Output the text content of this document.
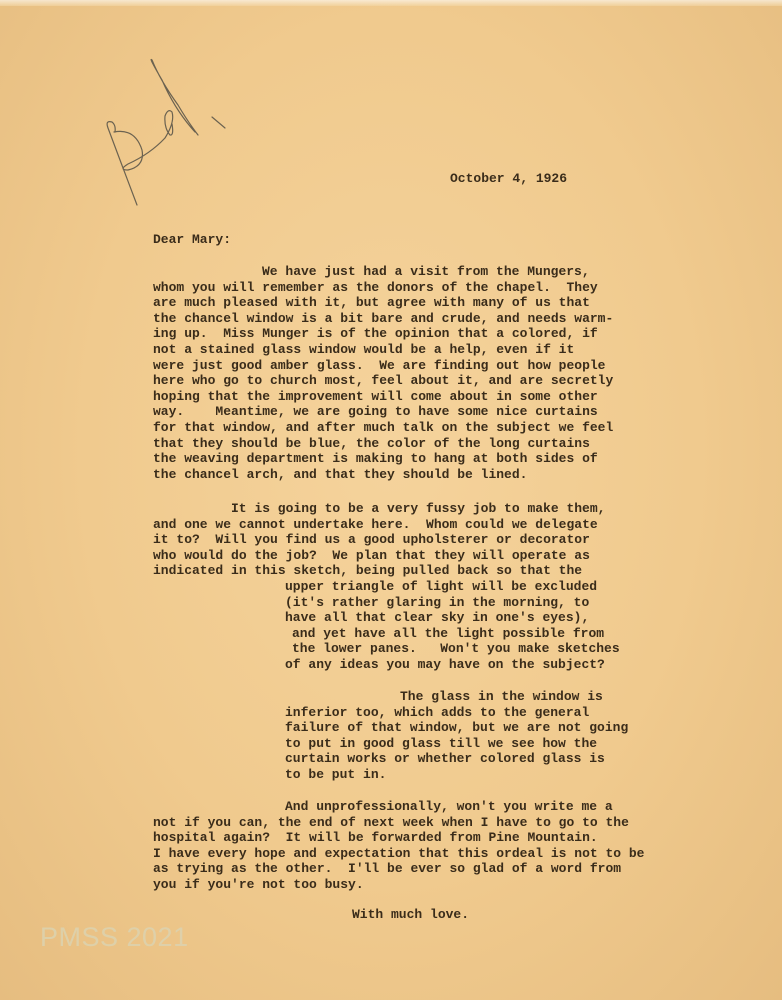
October 4, 1926
Dear Mary:
We have just had a visit from the Mungers,
whom you will remember as the donors of the chapel.  They
are much pleased with it, but agree with many of us that
the chancel window is a bit bare and crude, and needs warm-
ing up.  Miss Munger is of the opinion that a colored, if
not a stained glass window would be a help, even if it
were just good amber glass.  We are finding out how people
here who go to church most, feel about it, and are secretly
hoping that the improvement will come about in some other
way.    Meantime, we are going to have some nice curtains
for that window, and after much talk on the subject we feel
that they should be blue, the color of the long curtains
the weaving department is making to hang at both sides of
the chancel arch, and that they should be lined.
It is going to be a very fussy job to make them,
and one we cannot undertake here.  Whom could we delegate
it to?  Will you find us a good upholsterer or decorator
who would do the job?  We plan that they will operate as
indicated in this sketch, being pulled back so that the
upper triangle of light will be excluded
(it's rather glaring in the morning, to
have all that clear sky in one's eyes),
and yet have all the light possible from
the lower panes.   Won't you make sketches
of any ideas you may have on the subject?
The glass in the window is
inferior too, which adds to the general
failure of that window, but we are not going
to put in good glass till we see how the
curtain works or whether colored glass is
to be put in.
And unprofessionally, won't you write me a
not if you can, the end of next week when I have to go to the
hospital again?  It will be forwarded from Pine Mountain.
I have every hope and expectation that this ordeal is not to be
as trying as the other.  I'll be ever so glad of a word from
you if you're not too busy.
With much love.
PMSS 2021
